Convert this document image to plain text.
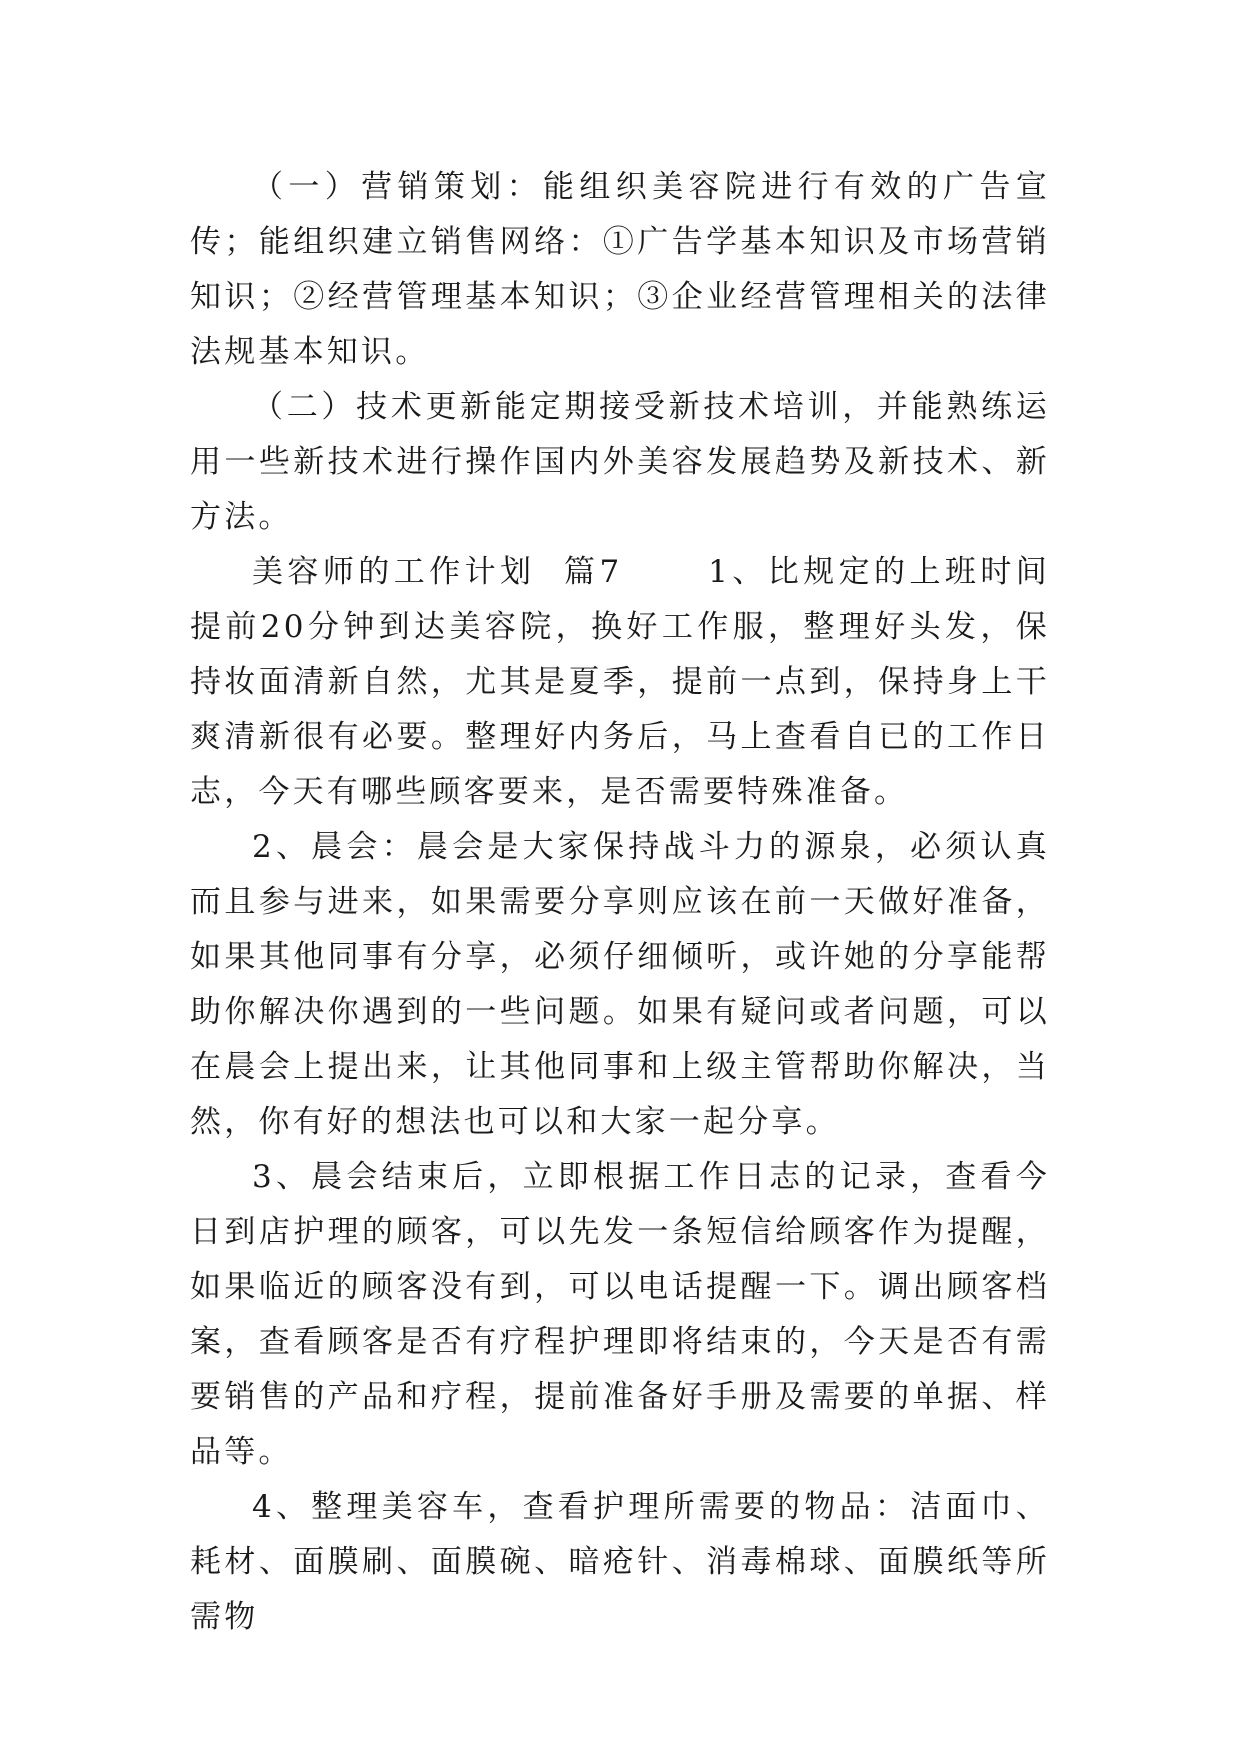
（一）营销策划：能组织美容院进行有效的广告宣传；能组织建立销售网络：①广告学基本知识及市场营销知识；②经营管理基本知识；③企业经营管理相关的法律法规基本知识。

（二）技术更新能定期接受新技术培训，并能熟练运用一些新技术进行操作国内外美容发展趋势及新技术、新方法。

美容师的工作计划  篇7      1、比规定的上班时间提前20分钟到达美容院，换好工作服，整理好头发，保持妆面清新自然，尤其是夏季，提前一点到，保持身上干爽清新很有必要。整理好内务后，马上查看自已的工作日志，今天有哪些顾客要来，是否需要特殊准备。

2、晨会：晨会是大家保持战斗力的源泉，必须认真而且参与进来，如果需要分享则应该在前一天做好准备，如果其他同事有分享，必须仔细倾听，或许她的分享能帮助你解决你遇到的一些问题。如果有疑问或者问题，可以在晨会上提出来，让其他同事和上级主管帮助你解决，当然，你有好的想法也可以和大家一起分享。

3、晨会结束后，立即根据工作日志的记录，查看今日到店护理的顾客，可以先发一条短信给顾客作为提醒，如果临近的顾客没有到，可以电话提醒一下。调出顾客档案，查看顾客是否有疗程护理即将结束的，今天是否有需要销售的产品和疗程，提前准备好手册及需要的单据、样品等。

4、整理美容车，查看护理所需要的物品：洁面巾、耗材、面膜刷、面膜碗、暗疮针、消毒棉球、面膜纸等所需物
